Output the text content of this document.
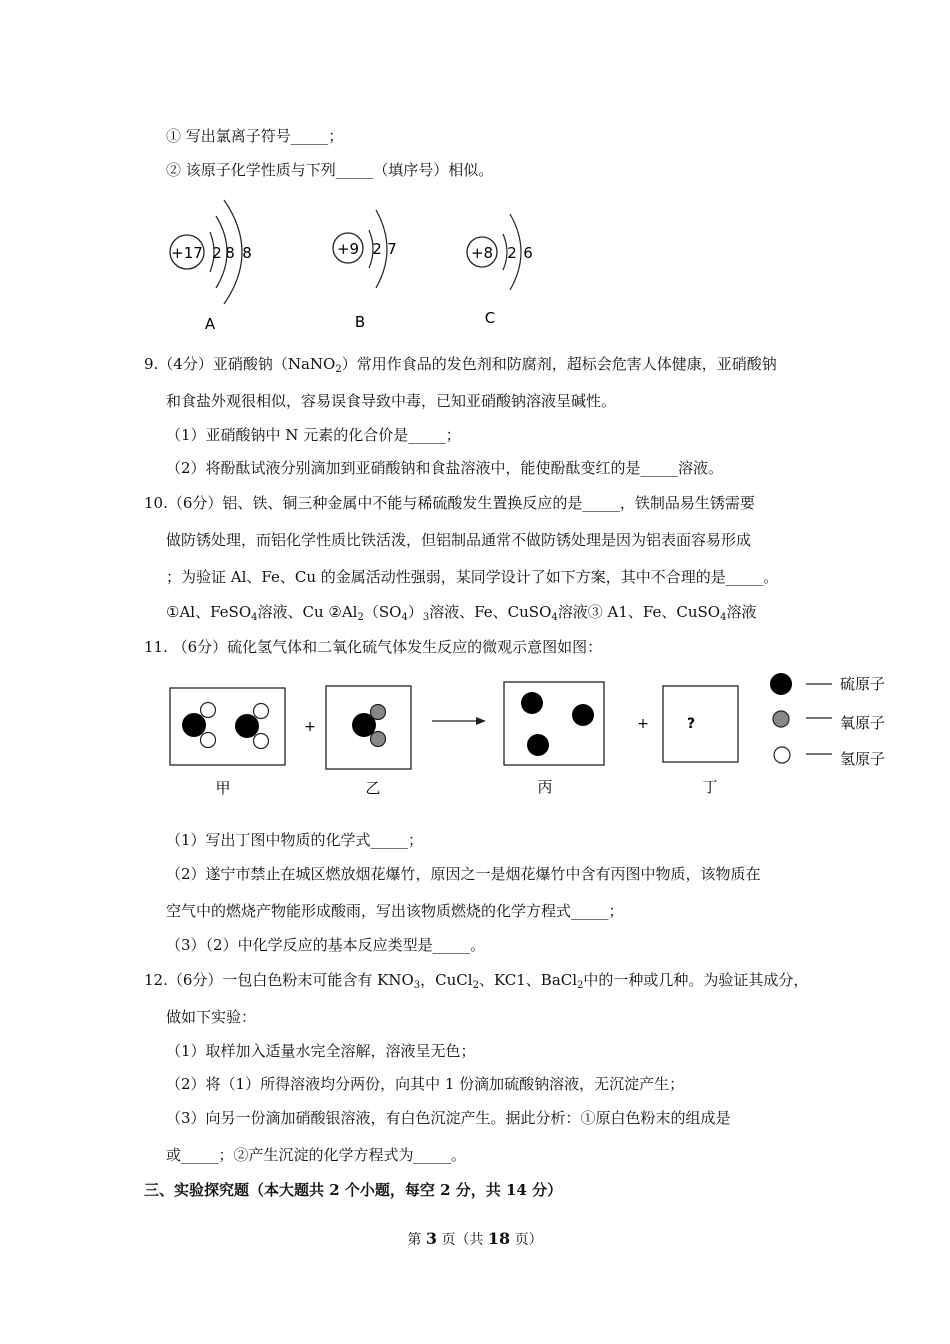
① 写出氯离子符号_____；
② 该原子化学性质与下列_____（填序号）相似。
+17 2 8 8
A
+9 2 7
B
+8 2 6
C
9.（4分）亚硝酸钠（NaNO$_2$）常用作食品的发色剂和防腐剂，超标会危害人体健康，亚硝酸钠
和食盐外观很相似，容易误食导致中毒，已知亚硝酸钠溶液呈碱性。
（1）亚硝酸钠中 N 元素的化合价是_____；
（2）将酚酞试液分别滴加到亚硝酸钠和食盐溶液中，能使酚酞变红的是_____溶液。
10.（6分）铝、铁、铜三种金属中不能与稀硫酸发生置换反应的是_____，铁制品易生锈需要
做防锈处理，而铝化学性质比铁活泼，但铝制品通常不做防锈处理是因为铝表面容易形成
；为验证 Al、Fe、Cu 的金属活动性强弱，某同学设计了如下方案，其中不合理的是_____。
①Al、FeSO$_4$溶液、Cu $②Al_2(SO_4)_3$溶液、Fe、CuSO$_4$溶液③ A1、Fe、CuSO$_4$溶液
11. （6分）硫化氢气体和二氧化硫气体发生反应的微观示意图如图：
+	+	?
甲	乙	丙	丁
硫原子
氧原子
氢原子
（1）写出丁图中物质的化学式_____；
（2）遂宁市禁止在城区燃放烟花爆竹，原因之一是烟花爆竹中含有丙图中物质，该物质在
空气中的燃烧产物能形成酸雨，写出该物质燃烧的化学方程式_____；
（3）（2）中化学反应的基本反应类型是_____。
12.（6分）一包白色粉末可能含有 $KNO_3$，CuCl$_2$、KC1、BaCl$_2$中的一种或几种。为验证其成分，
做如下实验：
（1）取样加入适量水完全溶解，溶液呈无色；
（2）将（1）所得溶液均分两份，向其中 1 份滴加硫酸钠溶液，无沉淀产生；
（3）向另一份滴加硝酸银溶液，有白色沉淀产生。据此分析：①原白色粉末的组成是
或_____；②产生沉淀的化学方程式为_____。
三、实验探究题（本大题共 2 个小题，每空 2 分，共 14 分）
第 3 页（共 18 页）
